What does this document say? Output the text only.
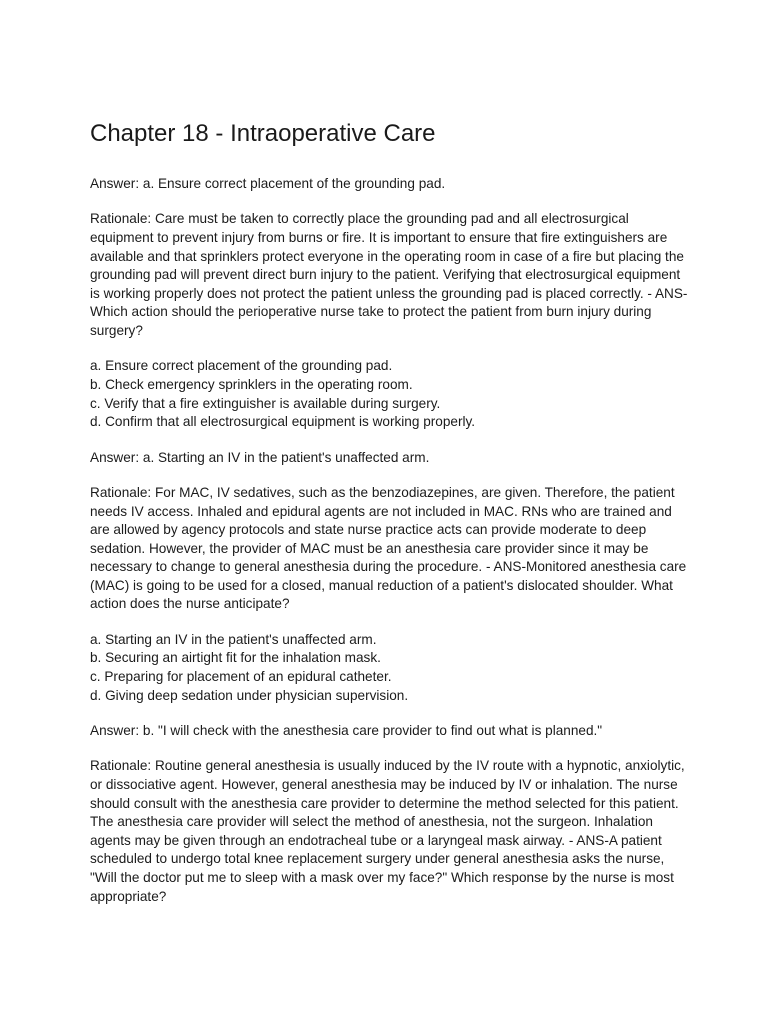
Chapter 18 - Intraoperative Care

Answer: a. Ensure correct placement of the grounding pad.

Rationale: Care must be taken to correctly place the grounding pad and all electrosurgical equipment to prevent injury from burns or fire. It is important to ensure that fire extinguishers are available and that sprinklers protect everyone in the operating room in case of a fire but placing the grounding pad will prevent direct burn injury to the patient. Verifying that electrosurgical equipment is working properly does not protect the patient unless the grounding pad is placed correctly. - ANS-Which action should the perioperative nurse take to protect the patient from burn injury during surgery?

a. Ensure correct placement of the grounding pad.
b. Check emergency sprinklers in the operating room.
c. Verify that a fire extinguisher is available during surgery.
d. Confirm that all electrosurgical equipment is working properly.

Answer: a. Starting an IV in the patient's unaffected arm.

Rationale: For MAC, IV sedatives, such as the benzodiazepines, are given. Therefore, the patient needs IV access. Inhaled and epidural agents are not included in MAC. RNs who are trained and are allowed by agency protocols and state nurse practice acts can provide moderate to deep sedation. However, the provider of MAC must be an anesthesia care provider since it may be necessary to change to general anesthesia during the procedure. - ANS-Monitored anesthesia care (MAC) is going to be used for a closed, manual reduction of a patient's dislocated shoulder. What action does the nurse anticipate?

a. Starting an IV in the patient's unaffected arm.
b. Securing an airtight fit for the inhalation mask.
c. Preparing for placement of an epidural catheter.
d. Giving deep sedation under physician supervision.

Answer: b. "I will check with the anesthesia care provider to find out what is planned."

Rationale: Routine general anesthesia is usually induced by the IV route with a hypnotic, anxiolytic, or dissociative agent. However, general anesthesia may be induced by IV or inhalation. The nurse should consult with the anesthesia care provider to determine the method selected for this patient. The anesthesia care provider will select the method of anesthesia, not the surgeon. Inhalation agents may be given through an endotracheal tube or a laryngeal mask airway. - ANS-A patient scheduled to undergo total knee replacement surgery under general anesthesia asks the nurse, "Will the doctor put me to sleep with a mask over my face?" Which response by the nurse is most appropriate?
